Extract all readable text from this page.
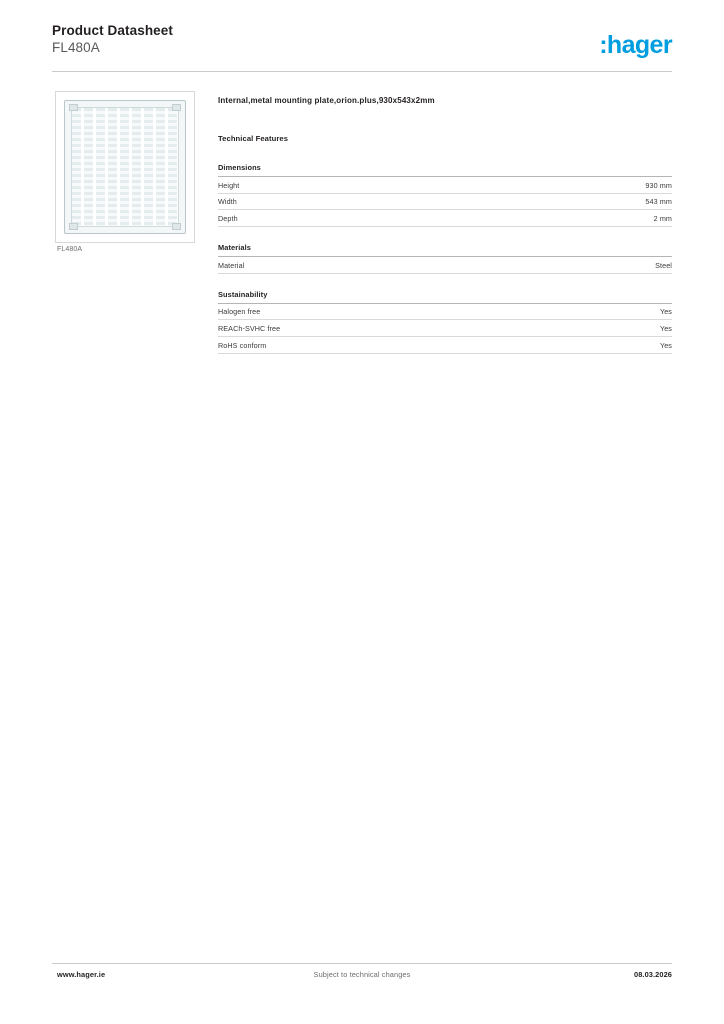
Product Datasheet
FL480A	:hager
FL480A
Internal,metal mounting plate,orion.plus,930x543x2mm
Technical Features
Dimensions
Height	930 mm
Width	543 mm
Depth	2 mm
Materials
Material	Steel
Sustainability
Halogen free	Yes
REACh-SVHC free	Yes
RoHS conform	Yes
Subject to technical changes
www.hager.ie	08.03.2026
